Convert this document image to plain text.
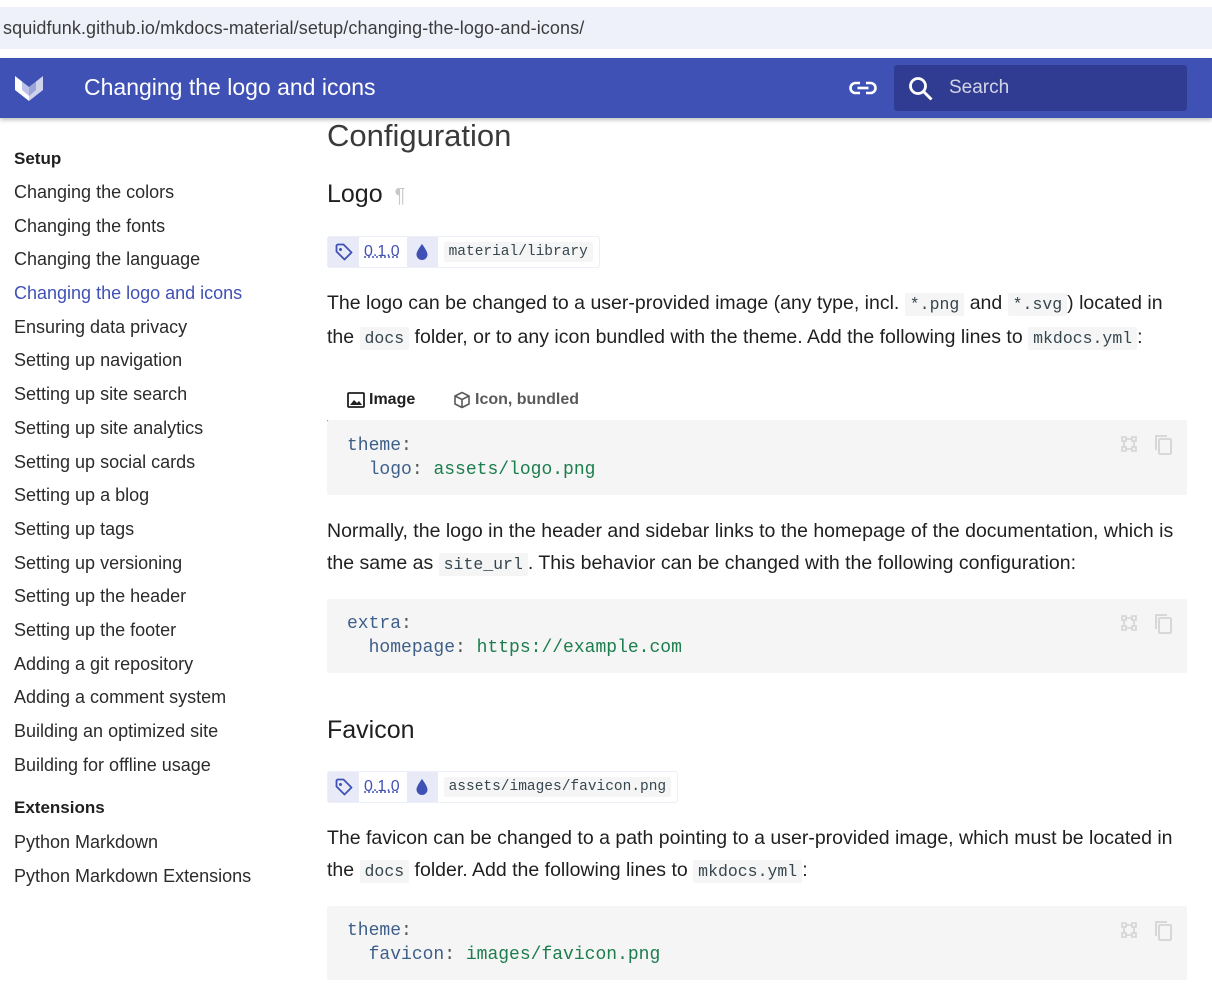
squidfunk.github.io/mkdocs-material/setup/changing-the-logo-and-icons/
Changing the logo and icons
Search
Setup
Changing the colors
Changing the fonts
Changing the language
Changing the logo and icons
Ensuring data privacy
Setting up navigation
Setting up site search
Setting up site analytics
Setting up social cards
Setting up a blog
Setting up tags
Setting up versioning
Setting up the header
Setting up the footer
Adding a git repository
Adding a comment system
Building an optimized site
Building for offline usage
Extensions
Python Markdown
Python Markdown Extensions
Configuration
Logo ¶
0.1.0	material/library

The logo can be changed to a user-provided image (any type, incl. *.png and *.svg ) located in the docs folder, or to any icon bundled with the theme. Add the following lines to mkdocs.yml :

Image	Icon, bundled
theme:
logo: assets/logo.png

Normally, the logo in the header and sidebar links to the homepage of the documentation, which is the same as site_url . This behavior can be changed with the following configuration:

extra:
homepage: https://example.com
Favicon
0.1.0	assets/images/favicon.png

The favicon can be changed to a path pointing to a user-provided image, which must be located in the docs folder. Add the following lines to mkdocs.yml :

theme:
favicon: images/favicon.png
